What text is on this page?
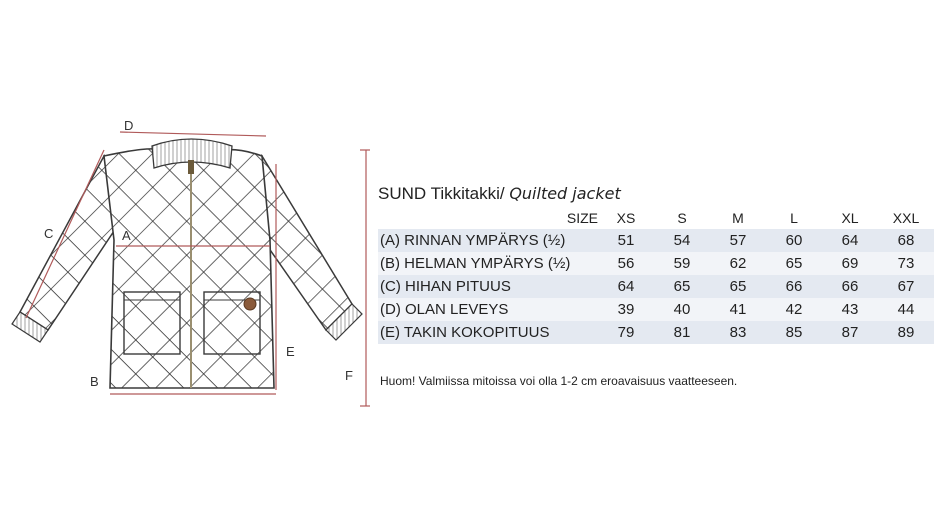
D
C	A
B
E
F
SUND Tikkitakki/ Quilted jacket
SIZE	XS	S	M	L	XL	XXL
(A) RINNAN YMPÄRYS (½)	51	54	57	60	64	68
(B) HELMAN YMPÄRYS (½)	56	59	62	65	69	73
(C) HIHAN PITUUS	64	65	65	66	66	67
(D) OLAN LEVEYS	39	40	41	42	43	44
(E) TAKIN KOKOPITUUS	79	81	83	85	87	89
Huom! Valmiissa mitoissa voi olla 1-2 cm eroavaisuus vaatteeseen.
